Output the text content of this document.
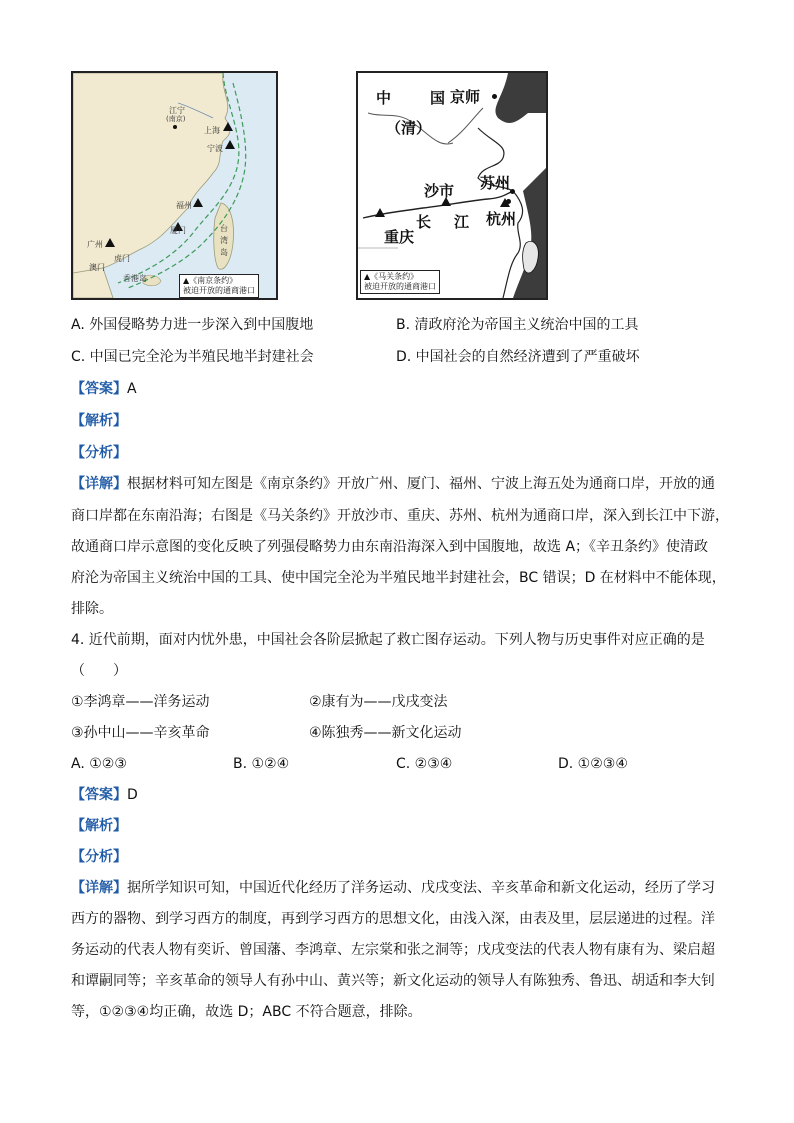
江宁
(南京)
上海
宁波
福州
厦门	台
湾
岛
广州
虎门
澳门
香港岛	▲《南京条约》
被迫开放的通商港口
中	国 京师
（清）
沙市 苏州
长 江 杭州
重庆
▲《马关条约》
被迫开放的通商港口
A. 外国侵略势力进一步深入到中国腹地	B. 清政府沦为帝国主义统治中国的工具
C. 中国已完全沦为半殖民地半封建社会	D. 中国社会的自然经济遭到了严重破坏
【答案】A
【解析】
【分析】
【详解】根据材料可知左图是《南京条约》开放广州、厦门、福州、宁波上海五处为通商口岸，开放的通
商口岸都在东南沿海；右图是《马关条约》开放沙市、重庆、苏州、杭州为通商口岸，深入到长江中下游，
故通商口岸示意图的变化反映了列强侵略势力由东南沿海深入到中国腹地，故选 A；《辛丑条约》使清政
府沦为帝国主义统治中国的工具、使中国完全沦为半殖民地半封建社会，BC 错误；D 在材料中不能体现，
排除。
4. 近代前期，面对内忧外患，中国社会各阶层掀起了救亡图存运动。下列人物与历史事件对应正确的是
（　　）
①李鸿章——洋务运动	②康有为——戊戌变法
③孙中山——辛亥革命	④陈独秀——新文化运动
A. ①②③	B. ①②④	C. ②③④	D. ①②③④
【答案】D
【解析】
【分析】
【详解】据所学知识可知，中国近代化经历了洋务运动、戊戌变法、辛亥革命和新文化运动，经历了学习
西方的器物、到学习西方的制度，再到学习西方的思想文化，由浅入深，由表及里，层层递进的过程。洋
务运动的代表人物有奕䜣、曾国藩、李鸿章、左宗棠和张之洞等；戊戌变法的代表人物有康有为、梁启超
和谭嗣同等；辛亥革命的领导人有孙中山、黄兴等；新文化运动的领导人有陈独秀、鲁迅、胡适和李大钊
等，①②③④均正确，故选 D；ABC 不符合题意，排除。
